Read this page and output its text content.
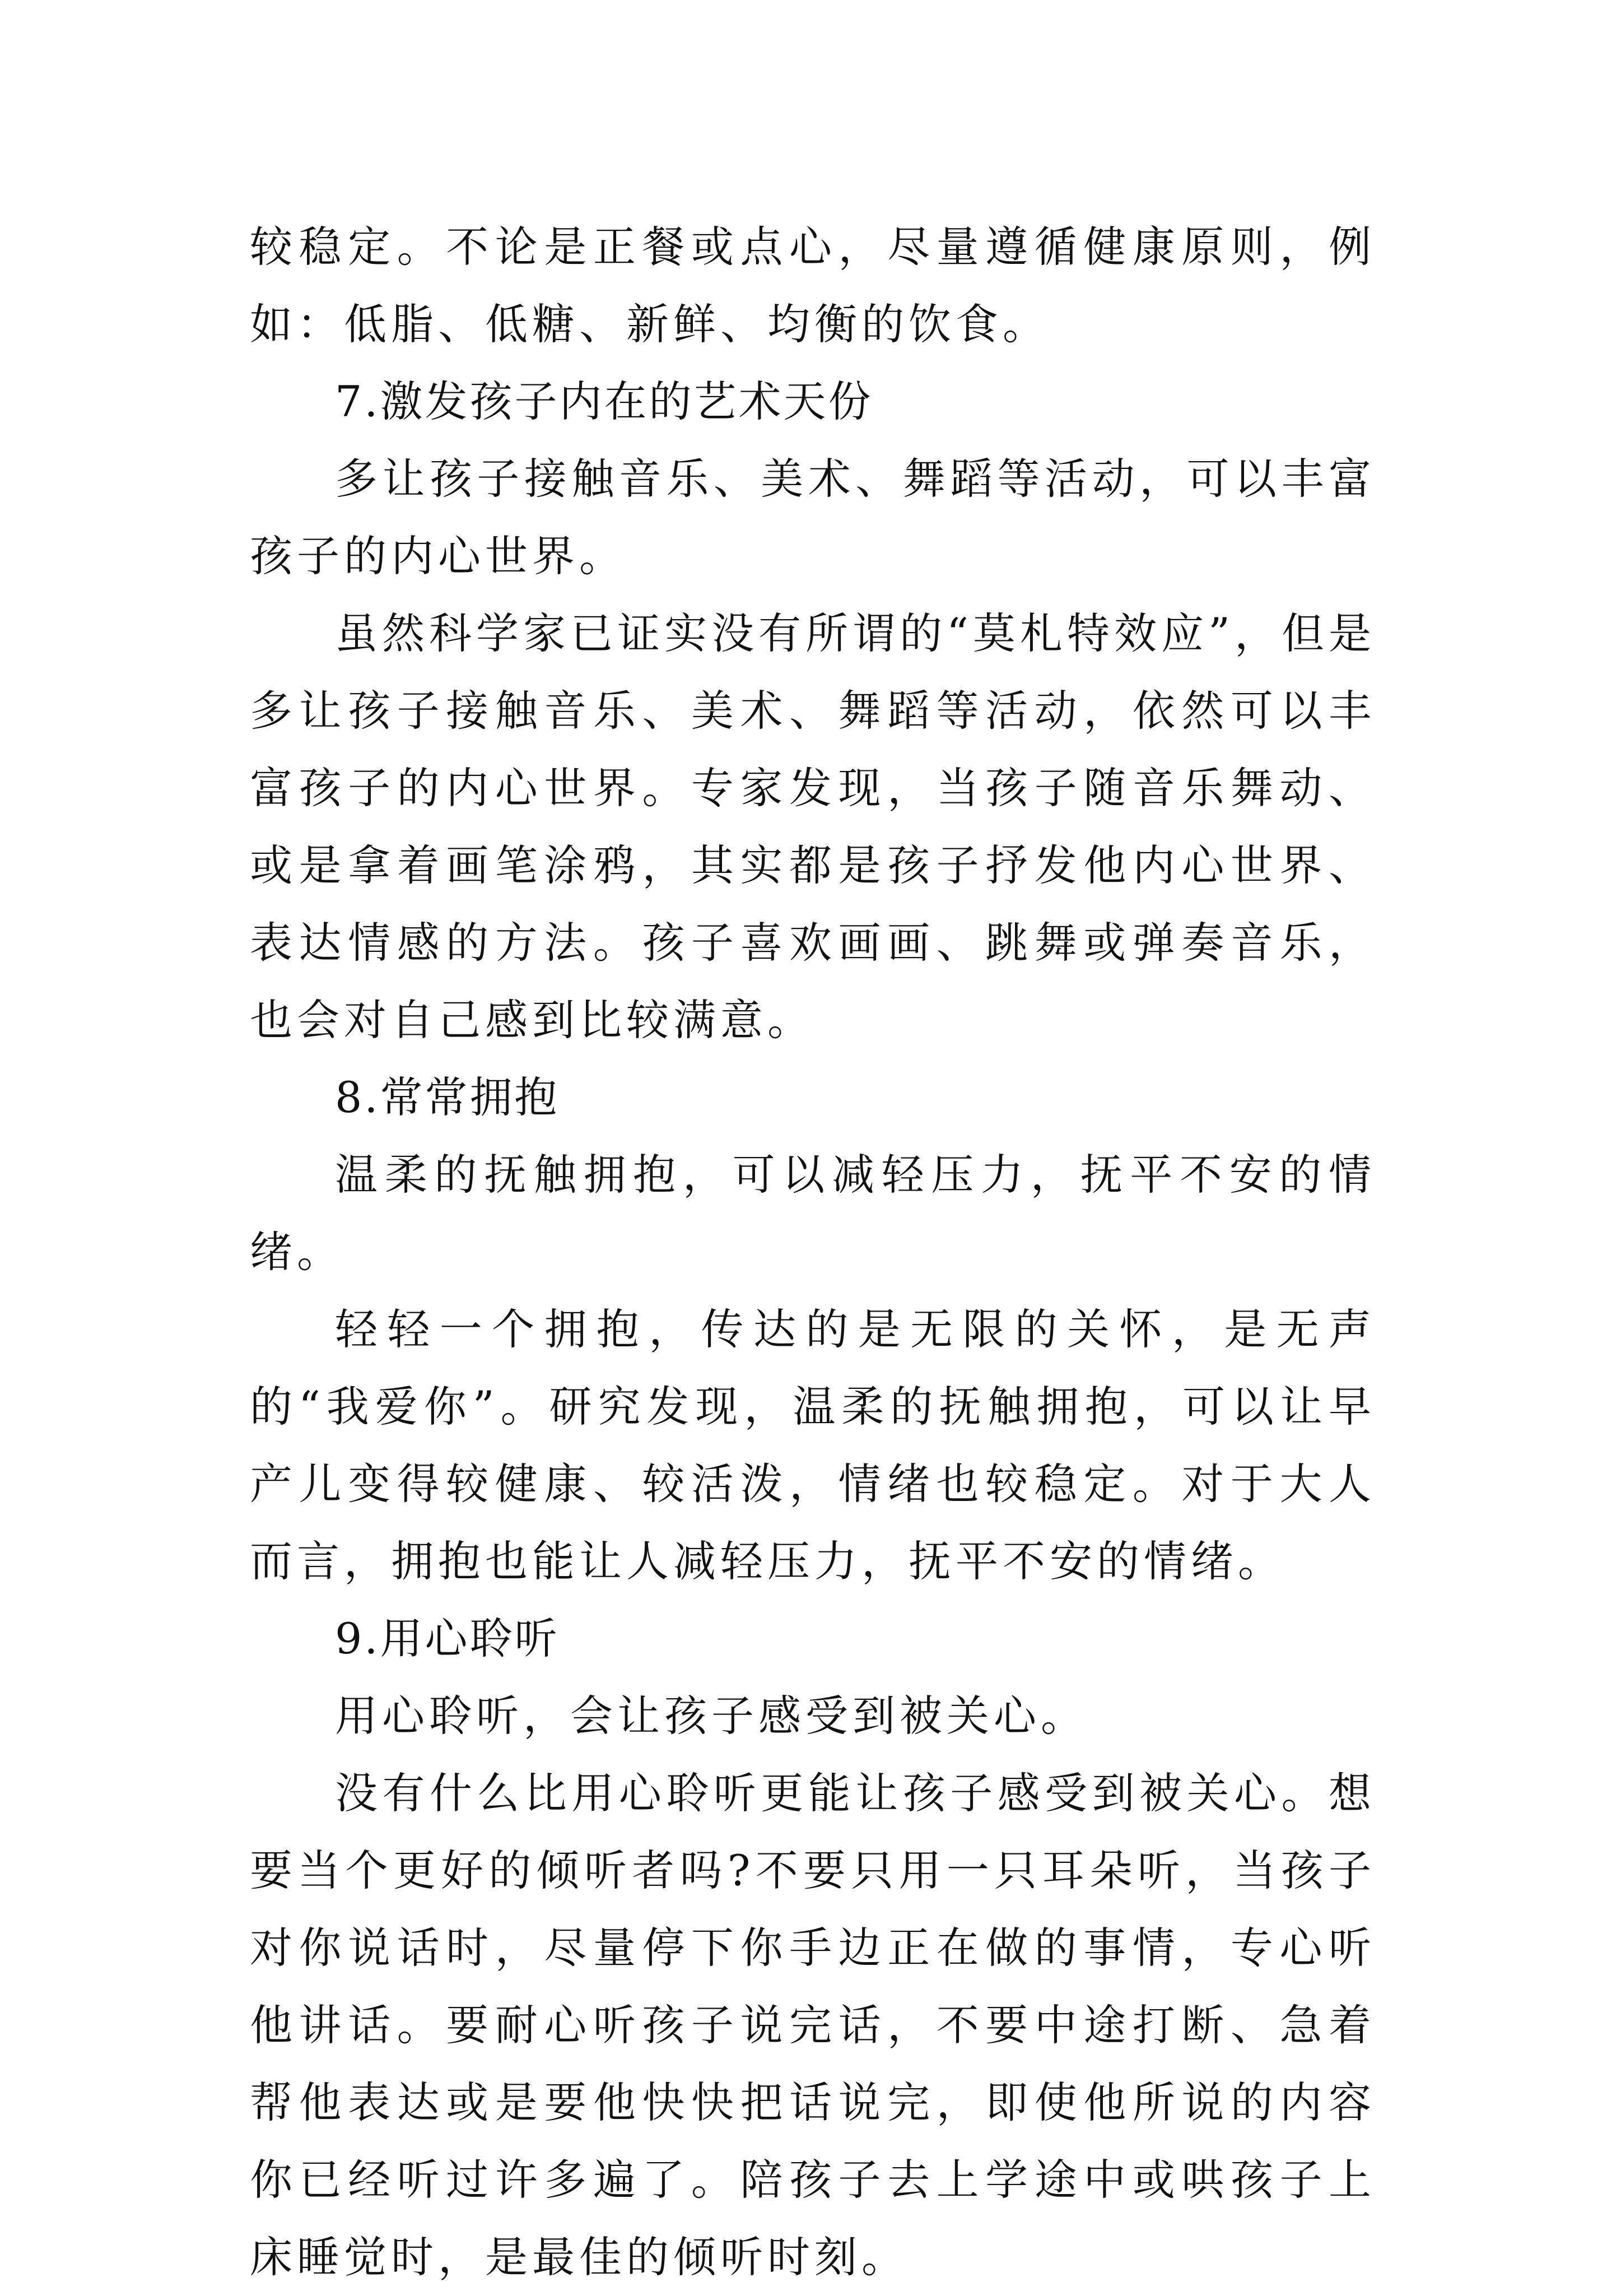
较稳定。不论是正餐或点心，尽量遵循健康原则，例如：低脂、低糖、新鲜、均衡的饮食。

7.激发孩子内在的艺术天份

多让孩子接触音乐、美术、舞蹈等活动，可以丰富孩子的内心世界。

虽然科学家已证实没有所谓的“莫札特效应”，但是多让孩子接触音乐、美术、舞蹈等活动，依然可以丰富孩子的内心世界。专家发现，当孩子随音乐舞动、或是拿着画笔涂鸦，其实都是孩子抒发他内心世界、表达情感的方法。孩子喜欢画画、跳舞或弹奏音乐，也会对自己感到比较满意。

8.常常拥抱

温柔的抚触拥抱，可以减轻压力，抚平不安的情绪。

轻轻一个拥抱，传达的是无限的关怀，是无声的“我爱你”。研究发现，温柔的抚触拥抱，可以让早产儿变得较健康、较活泼，情绪也较稳定。对于大人而言，拥抱也能让人减轻压力，抚平不安的情绪。

9.用心聆听

用心聆听，会让孩子感受到被关心。

没有什么比用心聆听更能让孩子感受到被关心。想要当个更好的倾听者吗?不要只用一只耳朵听，当孩子对你说话时，尽量停下你手边正在做的事情，专心听他讲话。要耐心听孩子说完话，不要中途打断、急着帮他表达或是要他快快把话说完，即使他所说的内容你已经听过许多遍了。陪孩子去上学途中或哄孩子上床睡觉时，是最佳的倾听时刻。
